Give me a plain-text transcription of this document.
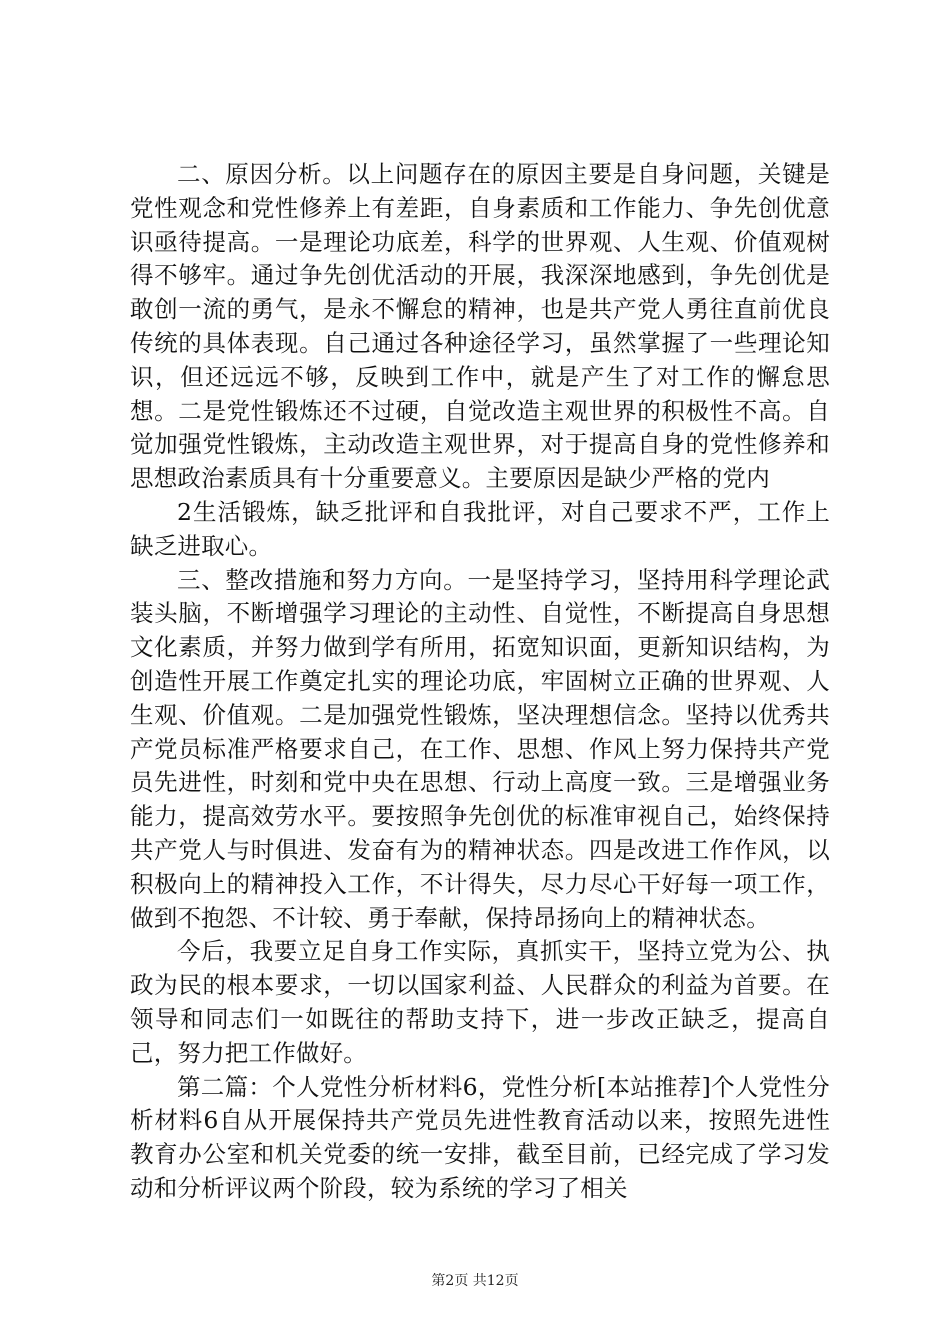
二、原因分析。以上问题存在的原因主要是自身问题，关键是党性观念和党性修养上有差距，自身素质和工作能力、争先创优意识亟待提高。一是理论功底差，科学的世界观、人生观、价值观树得不够牢。通过争先创优活动的开展，我深深地感到，争先创优是敢创一流的勇气，是永不懈怠的精神，也是共产党人勇往直前优良传统的具体表现。自己通过各种途径学习，虽然掌握了一些理论知识，但还远远不够，反映到工作中，就是产生了对工作的懈怠思想。二是党性锻炼还不过硬，自觉改造主观世界的积极性不高。自觉加强党性锻炼，主动改造主观世界，对于提高自身的党性修养和思想政治素质具有十分重要意义。主要原因是缺少严格的党内

2生活锻炼，缺乏批评和自我批评，对自己要求不严，工作上缺乏进取心。

三、整改措施和努力方向。一是坚持学习，坚持用科学理论武装头脑，不断增强学习理论的主动性、自觉性，不断提高自身思想文化素质，并努力做到学有所用，拓宽知识面，更新知识结构，为创造性开展工作奠定扎实的理论功底，牢固树立正确的世界观、人生观、价值观。二是加强党性锻炼，坚决理想信念。坚持以优秀共产党员标准严格要求自己，在工作、思想、作风上努力保持共产党员先进性，时刻和党中央在思想、行动上高度一致。三是增强业务能力，提高效劳水平。要按照争先创优的标准审视自己，始终保持共产党人与时俱进、发奋有为的精神状态。四是改进工作作风，以积极向上的精神投入工作，不计得失，尽力尽心干好每一项工作，做到不抱怨、不计较、勇于奉献，保持昂扬向上的精神状态。

今后，我要立足自身工作实际，真抓实干，坚持立党为公、执政为民的根本要求，一切以国家利益、人民群众的利益为首要。在领导和同志们一如既往的帮助支持下，进一步改正缺乏，提高自己，努力把工作做好。

第二篇：个人党性分析材料6，党性分析[本站推荐]个人党性分析材料6自从开展保持共产党员先进性教育活动以来，按照先进性教育办公室和机关党委的统一安排，截至目前，已经完成了学习发动和分析评议两个阶段，较为系统的学习了相关

第2页 共12页
